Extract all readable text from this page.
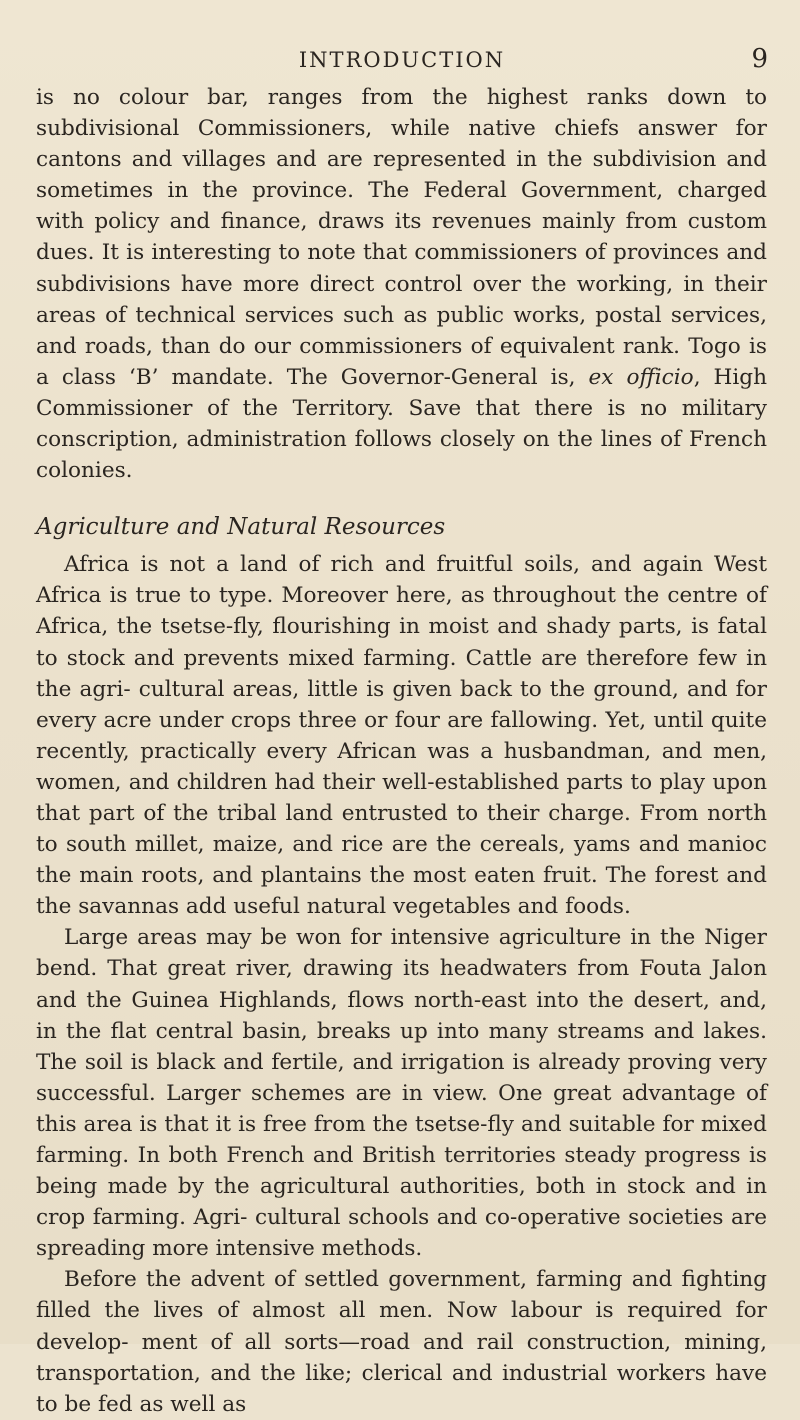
INTRODUCTION	9

is no colour bar, ranges from the highest ranks down to subdivisional Commissioners, while native chiefs answer for cantons and villages and are represented in the subdivision and sometimes in the province. The Federal Government, charged with policy and finance, draws its revenues mainly from custom dues. It is interesting to note that commissioners of provinces and subdivisions have more direct control over the working, in their areas of technical services such as public works, postal services, and roads, than do our commissioners of equivalent rank. Togo is a class ‘B’ mandate. The Governor-General is, ex officio, High Commissioner of the Territory. Save that there is no military conscription, administration follows closely on the lines of French colonies.

Agriculture and Natural Resources

Africa is not a land of rich and fruitful soils, and again West Africa is true to type. Moreover here, as throughout the centre of Africa, the tsetse-fly, flourishing in moist and shady parts, is fatal to stock and prevents mixed farming. Cattle are therefore few in the agri- cultural areas, little is given back to the ground, and for every acre under crops three or four are fallowing. Yet, until quite recently, practically every African was a husbandman, and men, women, and children had their well-established parts to play upon that part of the tribal land entrusted to their charge. From north to south millet, maize, and rice are the cereals, yams and manioc the main roots, and plantains the most eaten fruit. The forest and the savannas add useful natural vegetables and foods.

Large areas may be won for intensive agriculture in the Niger bend. That great river, drawing its headwaters from Fouta Jalon and the Guinea Highlands, flows north-east into the desert, and, in the flat central basin, breaks up into many streams and lakes. The soil is black and fertile, and irrigation is already proving very successful. Larger schemes are in view. One great advantage of this area is that it is free from the tsetse-fly and suitable for mixed farming. In both French and British territories steady progress is being made by the agricultural authorities, both in stock and in crop farming. Agri- cultural schools and co-operative societies are spreading more intensive methods.

Before the advent of settled government, farming and fighting filled the lives of almost all men. Now labour is required for develop- ment of all sorts—road and rail construction, mining, transportation, and the like; clerical and industrial workers have to be fed as well as
